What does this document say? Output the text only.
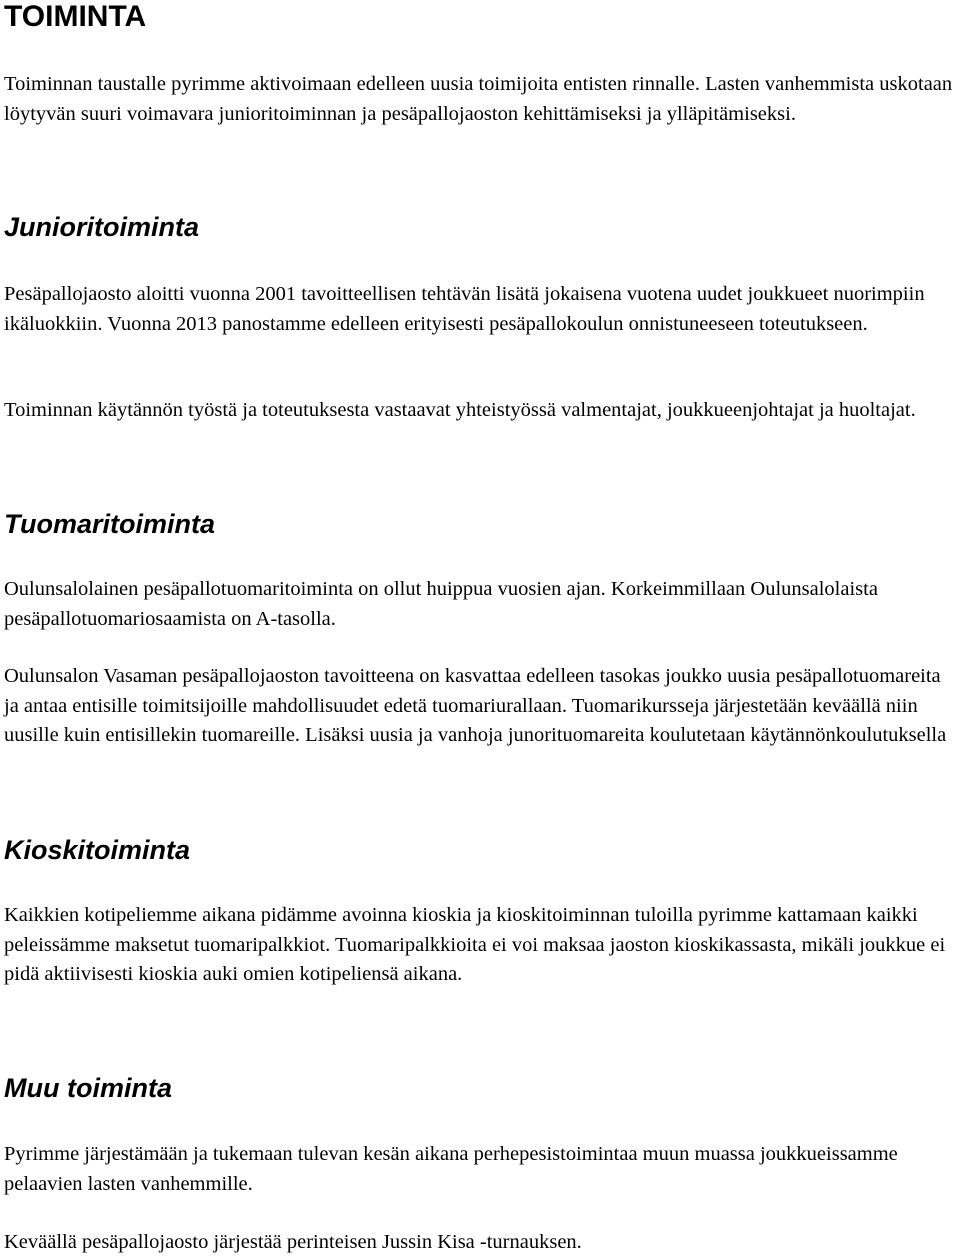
TOIMINTA

Toiminnan taustalle pyrimme aktivoimaan edelleen uusia toimijoita entisten rinnalle. Lasten vanhemmista uskotaan löytyvän suuri voimavara junioritoiminnan ja pesäpallojaoston kehittämiseksi ja ylläpitämiseksi.

Junioritoiminta

Pesäpallojaosto aloitti vuonna 2001 tavoitteellisen tehtävän lisätä jokaisena vuotena uudet joukkueet nuorimpiin ikäluokkiin. Vuonna 2013 panostamme edelleen erityisesti pesäpallokoulun onnistuneeseen toteutukseen.

Toiminnan käytännön työstä ja toteutuksesta vastaavat yhteistyössä valmentajat, joukkueenjohtajat ja huoltajat.

Tuomaritoiminta

Oulunsalolainen pesäpallotuomaritoiminta on ollut huippua vuosien ajan. Korkeimmillaan Oulunsalolaista pesäpallotuomariosaamista on A-tasolla.

Oulunsalon Vasaman pesäpallojaoston tavoitteena on kasvattaa edelleen tasokas joukko uusia pesäpallotuomareita ja antaa entisille toimitsijoille mahdollisuudet edetä tuomariurallaan. Tuomarikursseja järjestetään keväällä niin uusille kuin entisillekin tuomareille. Lisäksi uusia ja vanhoja junorituomareita koulutetaan käytännönkoulutuksella

Kioskitoiminta

Kaikkien kotipeliemme aikana pidämme avoinna kioskia ja kioskitoiminnan tuloilla pyrimme kattamaan kaikki peleissämme maksetut tuomaripalkkiot. Tuomaripalkkioita ei voi maksaa jaoston kioskikassasta, mikäli joukkue ei pidä aktiivisesti kioskia auki omien kotipeliensä aikana.

Muu toiminta

Pyrimme järjestämään ja tukemaan tulevan kesän aikana perhepesistoimintaa muun muassa joukkueissamme pelaavien lasten vanhemmille.

Keväällä pesäpallojaosto järjestää perinteisen Jussin Kisa -turnauksen.
